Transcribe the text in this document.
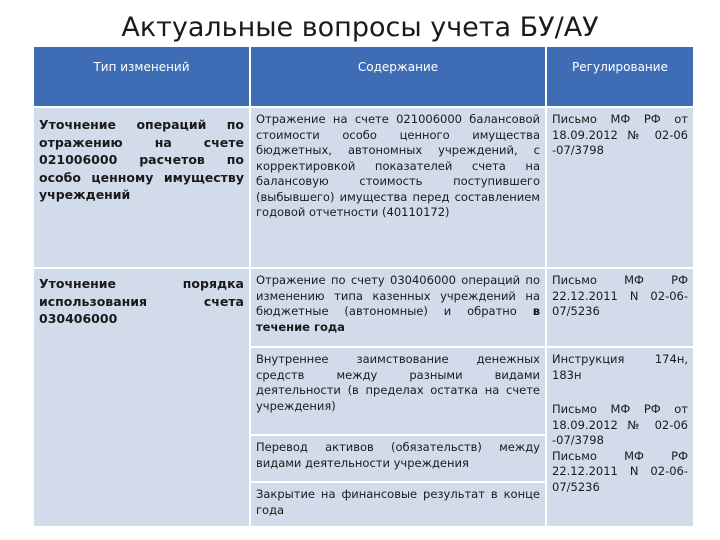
Актуальные вопросы учета БУ/АУ
Тип изменений	Содержание	Регулирование
Уточнение операций по отражению на счете 021006000 расчетов по особо ценному имуществу учреждений
Отражение на счете 021006000 балансовой стоимости особо ценного имущества бюджетных, автономных учреждений, с корректировкой показателей счета на балансовую стоимость поступившего (выбывшего) имущества перед составлением годовой отчетности (40110172)
Письмо МФ РФ от 18.09.2012 № 02-06 -07/3798
Уточнение порядка использования счета 030406000
Отражение по счету 030406000 операций по изменению типа казенных учреждений на бюджетные (автономные) и обратно в течение года
Внутреннее заимствование денежных средств между разными видами деятельности (в пределах остатка на счете учреждения)
Перевод активов (обязательств) между видами деятельности учреждения
Закрытие на финансовые результат в конце года
Письмо МФ РФ 22.12.2011 N 02-06-07/5236
Инструкция 174н, 183н
Письмо МФ РФ от 18.09.2012 № 02-06 -07/3798
Письмо МФ РФ 22.12.2011 N 02-06-07/5236
